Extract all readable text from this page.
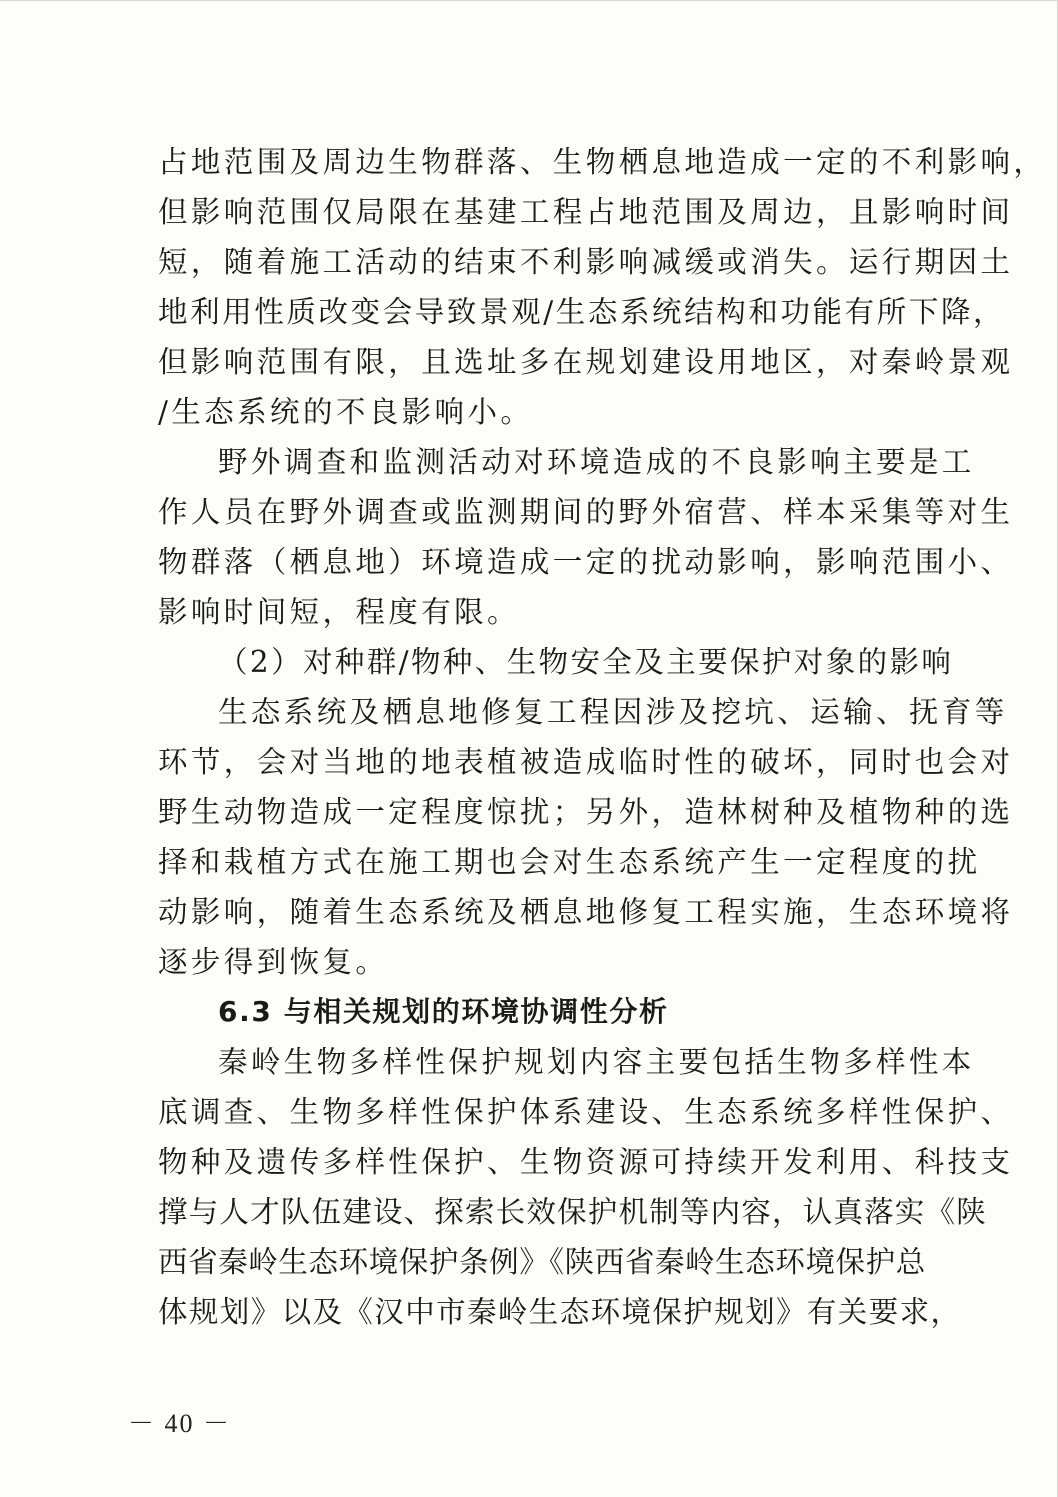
占地范围及周边生物群落、生物栖息地造成一定的不利影响，
但影响范围仅局限在基建工程占地范围及周边，且影响时间
短，随着施工活动的结束不利影响减缓或消失。运行期因土
地利用性质改变会导致景观/生态系统结构和功能有所下降，
但影响范围有限，且选址多在规划建设用地区，对秦岭景观
/生态系统的不良影响小。
野外调查和监测活动对环境造成的不良影响主要是工
作人员在野外调查或监测期间的野外宿营、样本采集等对生
物群落（栖息地）环境造成一定的扰动影响，影响范围小、
影响时间短，程度有限。
（2）对种群/物种、生物安全及主要保护对象的影响
生态系统及栖息地修复工程因涉及挖坑、运输、抚育等
环节，会对当地的地表植被造成临时性的破坏，同时也会对
野生动物造成一定程度惊扰；另外，造林树种及植物种的选
择和栽植方式在施工期也会对生态系统产生一定程度的扰
动影响，随着生态系统及栖息地修复工程实施，生态环境将
逐步得到恢复。
6.3 与相关规划的环境协调性分析
秦岭生物多样性保护规划内容主要包括生物多样性本
底调查、生物多样性保护体系建设、生态系统多样性保护、
物种及遗传多样性保护、生物资源可持续开发利用、科技支
撑与人才队伍建设、探索长效保护机制等内容，认真落实《陕
西省秦岭生态环境保护条例》《陕西省秦岭生态环境保护总
体规划》以及《汉中市秦岭生态环境保护规划》有关要求，
－ 40 －
